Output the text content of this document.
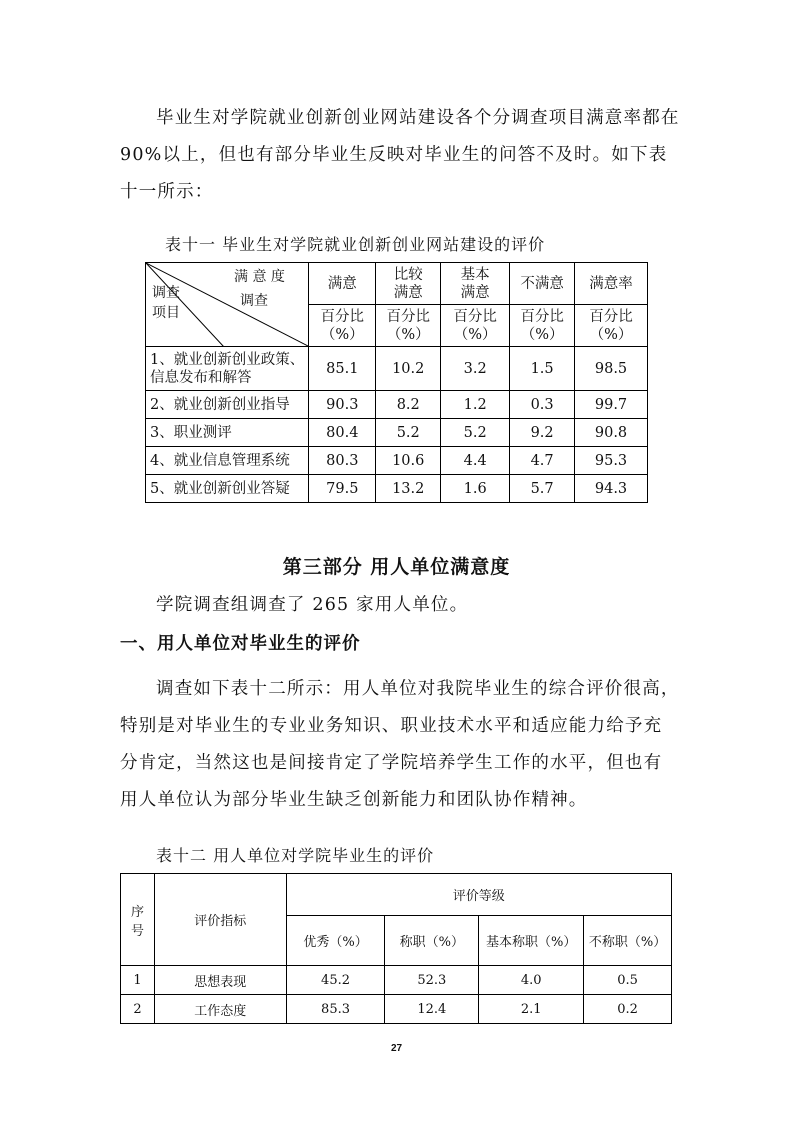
毕业生对学院就业创新创业网站建设各个分调查项目满意率都在90%以上，但也有部分毕业生反映对毕业生的问答不及时。如下表十一所示：
表十一 毕业生对学院就业创新创业网站建设的评价
满 意 度
调查 调查
项目	满意	比较满意	基本满意	不满意	满意率

	百分比（%）	百分比（%）	百分比（%）	百分比（%）	百分比（%）

1、就业创新创业政策、信息发布和解答	85.1	10.2	3.2	1.5	98.5
2、就业创新创业指导	90.3	8.2	1.2	0.3	99.7
3、职业测评	80.4	5.2	5.2	9.2	90.8
4、就业信息管理系统	80.3	10.6	4.4	4.7	95.3
5、就业创新创业答疑	79.5	13.2	1.6	5.7	94.3
第三部分 用人单位满意度
学院调查组调查了 265 家用人单位。
一、用人单位对毕业生的评价
调查如下表十二所示：用人单位对我院毕业生的综合评价很高，特别是对毕业生的专业业务知识、职业技术水平和适应能力给予充分肯定，当然这也是间接肯定了学院培养学生工作的水平，但也有用人单位认为部分毕业生缺乏创新能力和团队协作精神。
表十二 用人单位对学院毕业生的评价
序号	评价指标	评价等级			
		优秀（%）	称职（%）	基本称职（%）	不称职（%）
1	思想表现	45.2	52.3	4.0	0.5
2	工作态度	85.3	12.4	2.1	0.2
27
